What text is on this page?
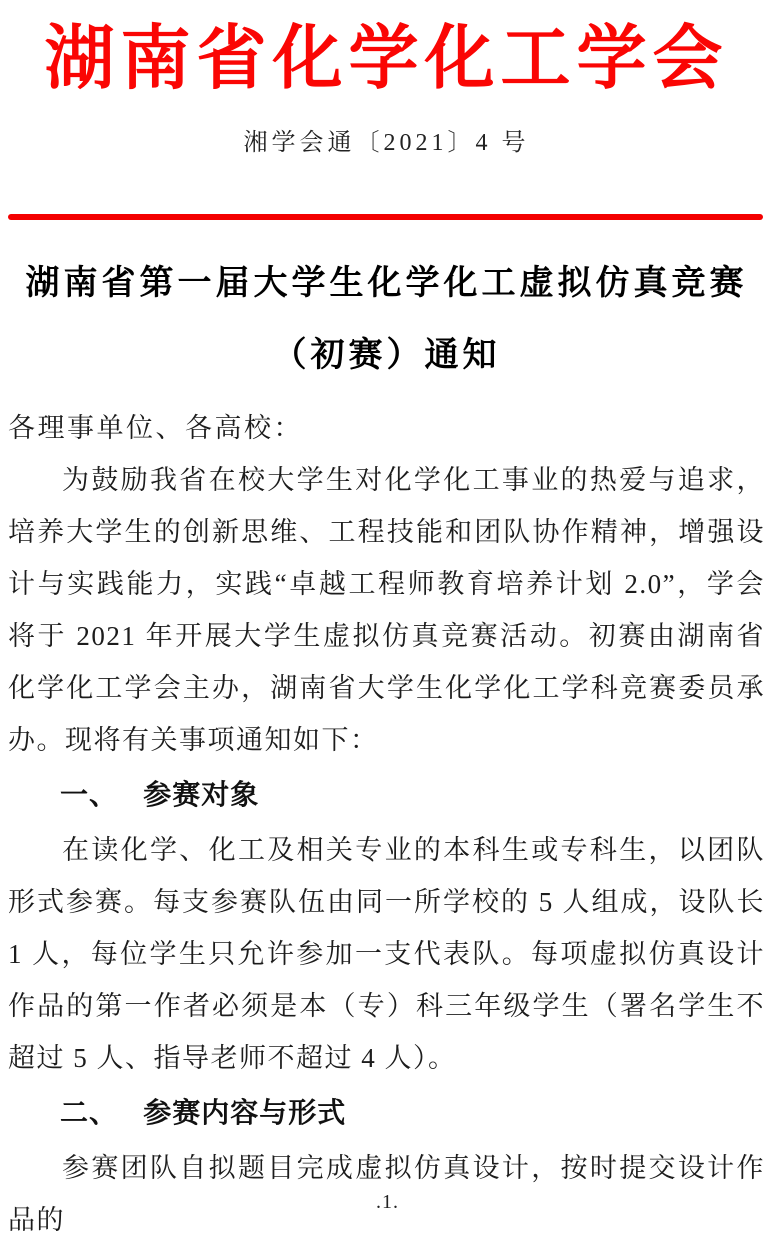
湖南省化学化工学会
湘学会通〔2021〕4 号
湖南省第一届大学生化学化工虚拟仿真竞赛
（初赛）通知

各理事单位、各高校：

为鼓励我省在校大学生对化学化工事业的热爱与追求，培养大学生的创新思维、工程技能和团队协作精神，增强设计与实践能力，实践“卓越工程师教育培养计划 2.0”，学会将于 2021 年开展大学生虚拟仿真竞赛活动。初赛由湖南省化学化工学会主办，湖南省大学生化学化工学科竞赛委员承办。现将有关事项通知如下：

一、 参赛对象

在读化学、化工及相关专业的本科生或专科生，以团队形式参赛。每支参赛队伍由同一所学校的 5 人组成，设队长 1 人，每位学生只允许参加一支代表队。每项虚拟仿真设计作品的第一作者必须是本（专）科三年级学生（署名学生不超过 5 人、指导老师不超过 4 人）。

二、 参赛内容与形式

参赛团队自拟题目完成虚拟仿真设计，按时提交设计作品的

.1.
